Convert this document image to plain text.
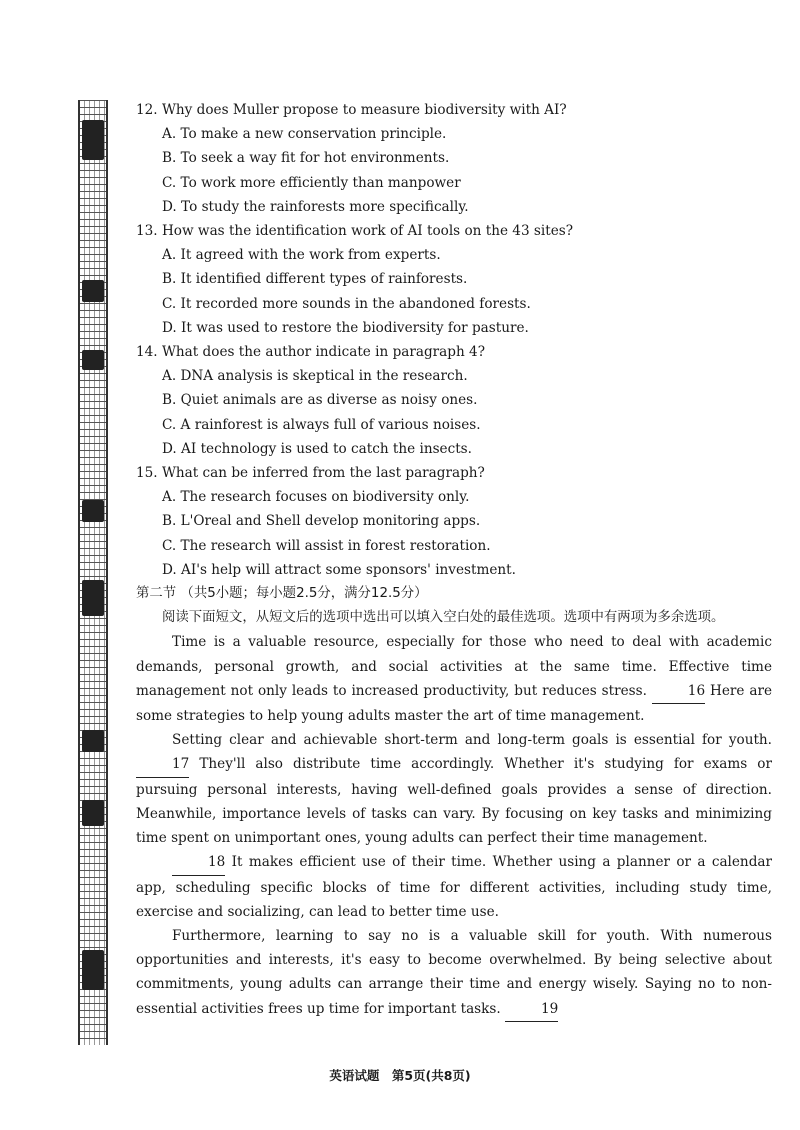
12. Why does Muller propose to measure biodiversity with AI?

A. To make a new conservation principle.

B. To seek a way fit for hot environments.

C. To work more efficiently than manpower

D. To study the rainforests more specifically.

13. How was the identification work of AI tools on the 43 sites?

A. It agreed with the work from experts.

B. It identified different types of rainforests.

C. It recorded more sounds in the abandoned forests.

D. It was used to restore the biodiversity for pasture.

14. What does the author indicate in paragraph 4?

A. DNA analysis is skeptical in the research.

B. Quiet animals are as diverse as noisy ones.

C. A rainforest is always full of various noises.

D. AI technology is used to catch the insects.

15. What can be inferred from the last paragraph?

A. The research focuses on biodiversity only.

B. L'Oreal and Shell develop monitoring apps.

C. The research will assist in forest restoration.

D. AI's help will attract some sponsors' investment.

第二节 （共5小题；每小题2.5分，满分12.5分）

阅读下面短文，从短文后的选项中选出可以填入空白处的最佳选项。选项中有两项为多余选项。

Time is a valuable resource, especially for those who need to deal with academic demands, personal growth, and social activities at the same time. Effective time management not only leads to increased productivity, but reduces stress.	16 Here are some strategies to help young adults master the art of time management.

Setting clear and achievable short-term and long-term goals is essential for youth. 17 They'll also distribute time accordingly. Whether it's studying for exams or pursuing personal interests, having well-defined goals provides a sense of direction. Meanwhile, importance levels of tasks can vary. By focusing on key tasks and minimizing time spent on unimportant ones, young adults can perfect their time management.

18 It makes efficient use of their time. Whether using a planner or a calendar app, scheduling specific blocks of time for different activities, including study time, exercise and socializing, can lead to better time use.

Furthermore, learning to say no is a valuable skill for youth. With numerous opportunities and interests, it's easy to become overwhelmed. By being selective about commitments, young adults can arrange their time and energy wisely. Saying no to non-essential activities frees up time for important tasks.	19

英语试题　第5页(共8页)
